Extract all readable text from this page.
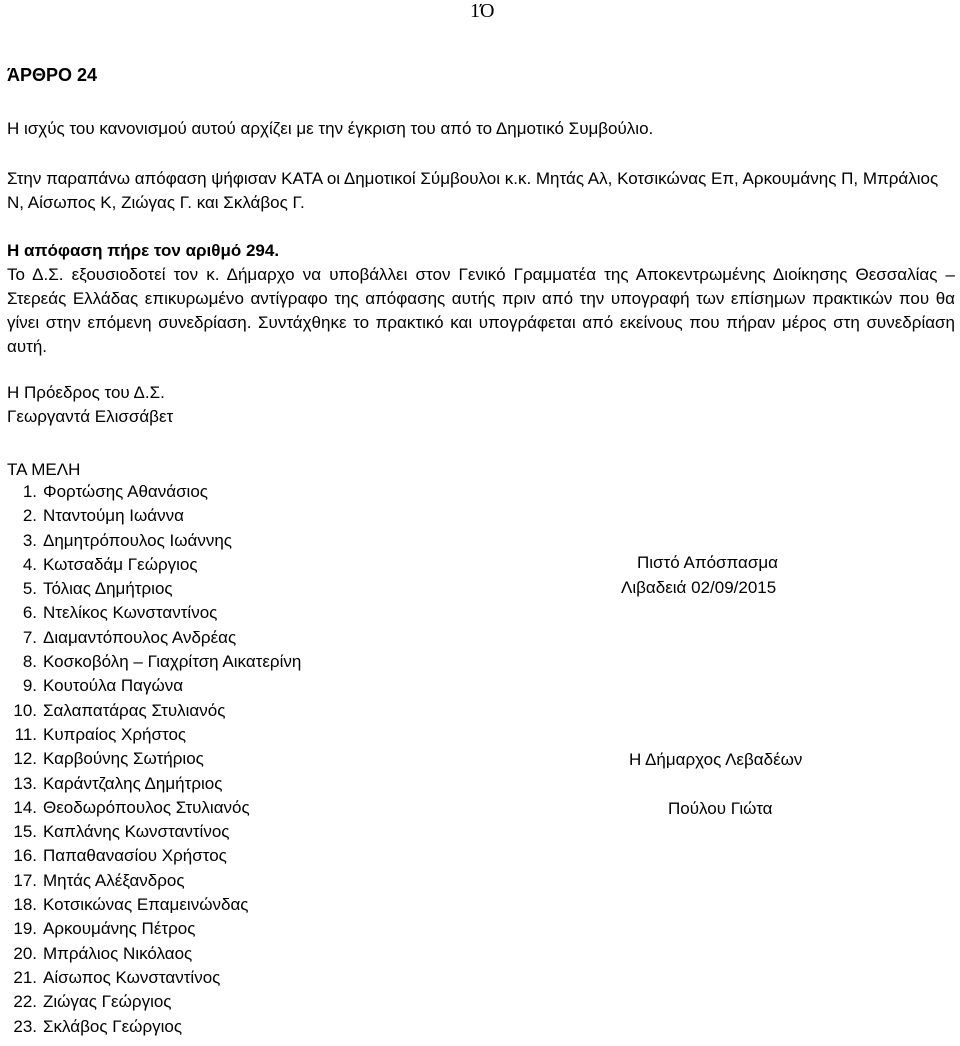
1Ό
ΆΡΘΡΟ 24

Η ισχύς του κανονισμού αυτού αρχίζει με την έγκριση του από το Δημοτικό Συμβούλιο.

Στην παραπάνω απόφαση ψήφισαν ΚΑΤΑ οι Δημοτικοί Σύμβουλοι κ.κ. Μητάς Αλ, Κοτσικώνας Επ, Αρκουμάνης Π, Μπράλιος Ν, Αίσωπος Κ, Ζιώγας Γ. και Σκλάβος Γ.

Η απόφαση πήρε τον αριθμό 294.

Το Δ.Σ. εξουσιοδοτεί τον κ. Δήμαρχο να υποβάλλει στον Γενικό Γραμματέα της Αποκεντρωμένης Διοίκησης Θεσσαλίας – Στερεάς Ελλάδας επικυρωμένο αντίγραφο της απόφασης αυτής πριν από την υπογραφή των επίσημων πρακτικών που θα γίνει στην επόμενη συνεδρίαση. Συντάχθηκε το πρακτικό και υπογράφεται από εκείνους που πήραν μέρος στη συνεδρίαση αυτή.

Η Πρόεδρος του Δ.Σ.
Γεωργαντά Ελισσάβετ
ΤΑ ΜΕΛΗ
1. Φορτώσης Αθανάσιος
2. Νταντούμη Ιωάννα
3. Δημητρόπουλος Ιωάννης
4. Κωτσαδάμ Γεώργιος
5. Τόλιας Δημήτριος
6. Ντελίκος Κωνσταντίνος
7. Διαμαντόπουλος Ανδρέας
8. Κοσκοβόλη – Γιαχρίτση Αικατερίνη
9. Κουτούλα Παγώνα
10. Σαλαπατάρας Στυλιανός
11. Κυπραίος Χρήστος
12. Καρβούνης Σωτήριος
13. Καράντζαλης Δημήτριος
14. Θεοδωρόπουλος Στυλιανός
15. Καπλάνης Κωνσταντίνος
16. Παπαθανασίου Χρήστος
17. Μητάς Αλέξανδρος
18. Κοτσικώνας Επαμεινώνδας
19. Αρκουμάνης Πέτρος
20. Μπράλιος Νικόλαος
21. Αίσωπος Κωνσταντίνος
22. Ζιώγας Γεώργιος
23. Σκλάβος Γεώργιος
Πιστό Απόσπασμα
Λιβαδειά 02/09/2015
Η Δήμαρχος Λεβαδέων
Πούλου Γιώτα
